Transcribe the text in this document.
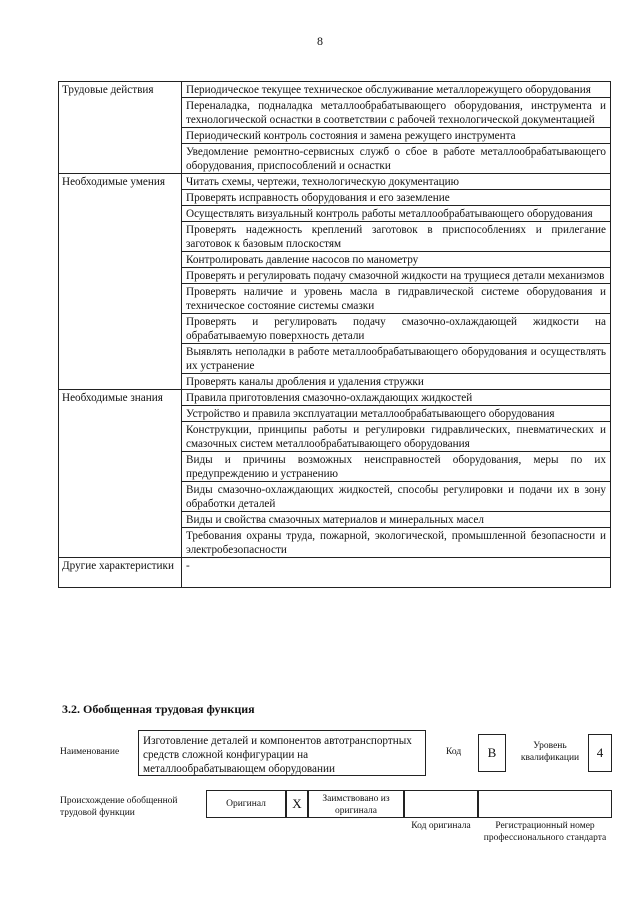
8
Трудовые действия	Периодическое текущее техническое обслуживание металлорежущего оборудования
	Переналадка, подналадка металлообрабатывающего оборудования, инструмента и технологической оснастки в соответствии с рабочей технологической документацией
	Периодический контроль состояния и замена режущего инструмента
	Уведомление ремонтно-сервисных служб о сбое в работе металлообрабатывающего оборудования, приспособлений и оснастки
Необходимые умения	Читать схемы, чертежи, технологическую документацию
	Проверять исправность оборудования и его заземление
	Осуществлять визуальный контроль работы металлообрабатывающего оборудования
	Проверять надежность креплений заготовок в приспособлениях и прилегание заготовок к базовым плоскостям
	Контролировать давление насосов по манометру
	Проверять и регулировать подачу смазочной жидкости на трущиеся детали механизмов
	Проверять наличие и уровень масла в гидравлической системе оборудования и техническое состояние системы смазки
	Проверять и регулировать подачу смазочно-охлаждающей жидкости на обрабатываемую поверхность детали
	Выявлять неполадки в работе металлообрабатывающего оборудования и осуществлять их устранение
	Проверять каналы дробления и удаления стружки
Необходимые знания	Правила приготовления смазочно-охлаждающих жидкостей
	Устройство и правила эксплуатации металлообрабатывающего оборудования
	Конструкции, принципы работы и регулировки гидравлических, пневматических и смазочных систем металлообрабатывающего оборудования
	Виды и причины возможных неисправностей оборудования, меры по их предупреждению и устранению
	Виды смазочно-охлаждающих жидкостей, способы регулировки и подачи их в зону обработки деталей
	Виды и свойства смазочных материалов и минеральных масел
	Требования охраны труда, пожарной, экологической, промышленной безопасности и электробезопасности
Другие характеристики	-
3.2. Обобщенная трудовая функция
Наименование
Изготовление деталей и компонентов автотранспортных средств сложной конфигурации на металлообрабатывающем оборудовании
Код	B	Уровень квалификации	4
Происхождение обобщенной трудовой функции
Оригинал	X	Заимствовано из оригинала
Код оригинала	Регистрационный номер профессионального стандарта
